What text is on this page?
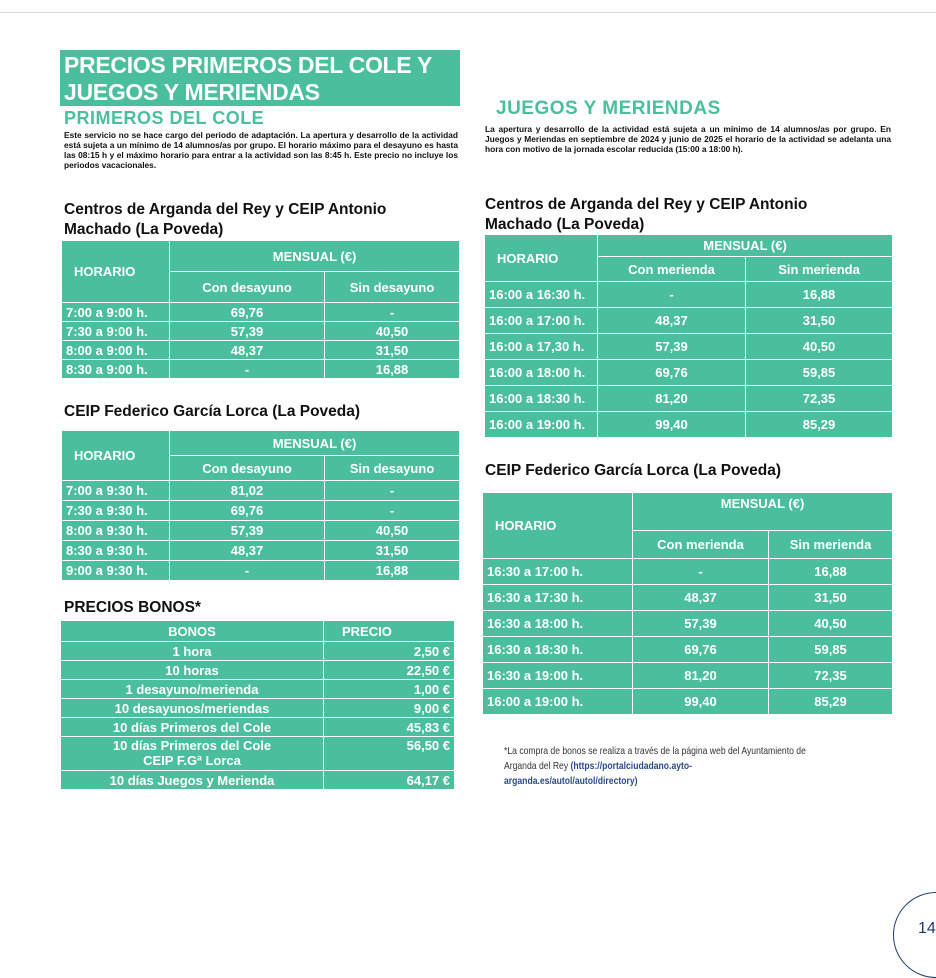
PRECIOS PRIMEROS DEL COLE Y JUEGOS Y MERIENDAS
PRIMEROS DEL COLE
Este servicio no se hace cargo del periodo de adaptación. La apertura y desarrollo de la actividad está sujeta a un mínimo de 14 alumnos/as por grupo. El horario máximo para el desayuno es hasta las 08:15 h y el máximo horario para entrar a la actividad son las 8:45 h. Este precio no incluye los periodos vacacionales.
Centros de Arganda del Rey y CEIP Antonio Machado (La Poveda)
HORARIO	MENSUAL (€)	
	Con desayuno	Sin desayuno
7:00 a 9:00 h.	69,76	-
7:30 a 9:00 h.	57,39	40,50
8:00 a 9:00 h.	48,37	31,50
8:30 a 9:00 h.	-	16,88
CEIP Federico García Lorca (La Poveda)
HORARIO	MENSUAL (€)	
	Con desayuno	Sin desayuno
7:00 a 9:30 h.	81,02	-
7:30 a 9:30 h.	69,76	-
8:00 a 9:30 h.	57,39	40,50
8:30 a 9:30 h.	48,37	31,50
9:00 a 9:30 h.	-	16,88
PRECIOS BONOS*
BONOS	PRECIO
1 hora	2,50 €
10 horas	22,50 €
1 desayuno/merienda	1,00 €
10 desayunos/meriendas	9,00 €
10 días Primeros del Cole	45,83 €

10 días Primeros del Cole
CEIP F.Gª Lorca	56,50 €
10 días Juegos y Merienda	64,17 €
JUEGOS Y MERIENDAS
La apertura y desarrollo de la actividad está sujeta a un mínimo de 14 alumnos/as por grupo. En Juegos y Meriendas en septiembre de 2024 y junio de 2025 el horario de la actividad se adelanta una hora con motivo de la jornada escolar reducida (15:00 a 18:00 h).
Centros de Arganda del Rey y CEIP Antonio Machado (La Poveda)
HORARIO	MENSUAL (€)	
	Con merienda	Sin merienda
16:00 a 16:30 h.	-	16,88
16:00 a 17:00 h.	48,37	31,50
16:00 a 17,30 h.	57,39	40,50
16:00 a 18:00 h.	69,76	59,85
16:00 a 18:30 h.	81,20	72,35
16:00 a 19:00 h.	99,40	85,29
CEIP Federico García Lorca (La Poveda)
HORARIO	MENSUAL (€)	
	Con merienda	Sin merienda
16:30 a 17:00 h.	-	16,88
16:30 a 17:30 h.	48,37	31,50
16:30 a 18:00 h.	57,39	40,50
16:30 a 18:30 h.	69,76	59,85
16:30 a 19:00 h.	81,20	72,35
16:00 a 19:00 h.	99,40	85,29
*La compra de bonos se realiza a través de la página web del Ayuntamiento de Arganda del Rey (https://portalciudadano.ayto-arganda.es/autol/autol/directory)
14
